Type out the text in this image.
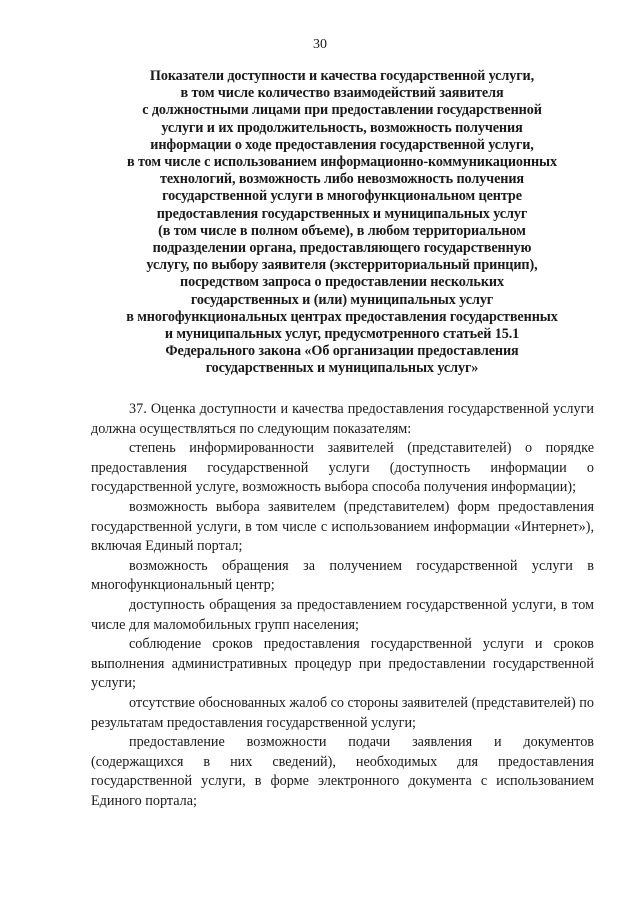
30
Показатели доступности и качества государственной услуги,
в том числе количество взаимодействий заявителя
с должностными лицами при предоставлении государственной
услуги и их продолжительность, возможность получения
информации о ходе предоставления государственной услуги,
в том числе с использованием информационно-коммуникационных
технологий, возможность либо невозможность получения
государственной услуги в многофункциональном центре
предоставления государственных и муниципальных услуг
(в том числе в полном объеме), в любом территориальном
подразделении органа, предоставляющего государственную
услугу, по выбору заявителя (экстерриториальный принцип),
посредством запроса о предоставлении нескольких
государственных и (или) муниципальных услуг
в многофункциональных центрах предоставления государственных
и муниципальных услуг, предусмотренного статьей 15.1
Федерального закона «Об организации предоставления
государственных и муниципальных услуг»

37. Оценка доступности и качества предоставления государственной услуги должна осуществляться по следующим показателям:

степень информированности заявителей (представителей) о порядке предоставления государственной услуги (доступность информации о государственной услуге, возможность выбора способа получения информации);

возможность выбора заявителем (представителем) форм предоставления государственной услуги, в том числе с использованием информации «Интернет»), включая Единый портал;

возможность обращения за получением государственной услуги в многофункциональный центр;

доступность обращения за предоставлением государственной услуги, в том числе для маломобильных групп населения;

соблюдение сроков предоставления государственной услуги и сроков выполнения административных процедур при предоставлении государственной услуги;

отсутствие обоснованных жалоб со стороны заявителей (представителей) по результатам предоставления государственной услуги;

предоставление возможности подачи заявления и документов (содержащихся в них сведений), необходимых для предоставления государственной услуги, в форме электронного документа с использованием Единого портала;
